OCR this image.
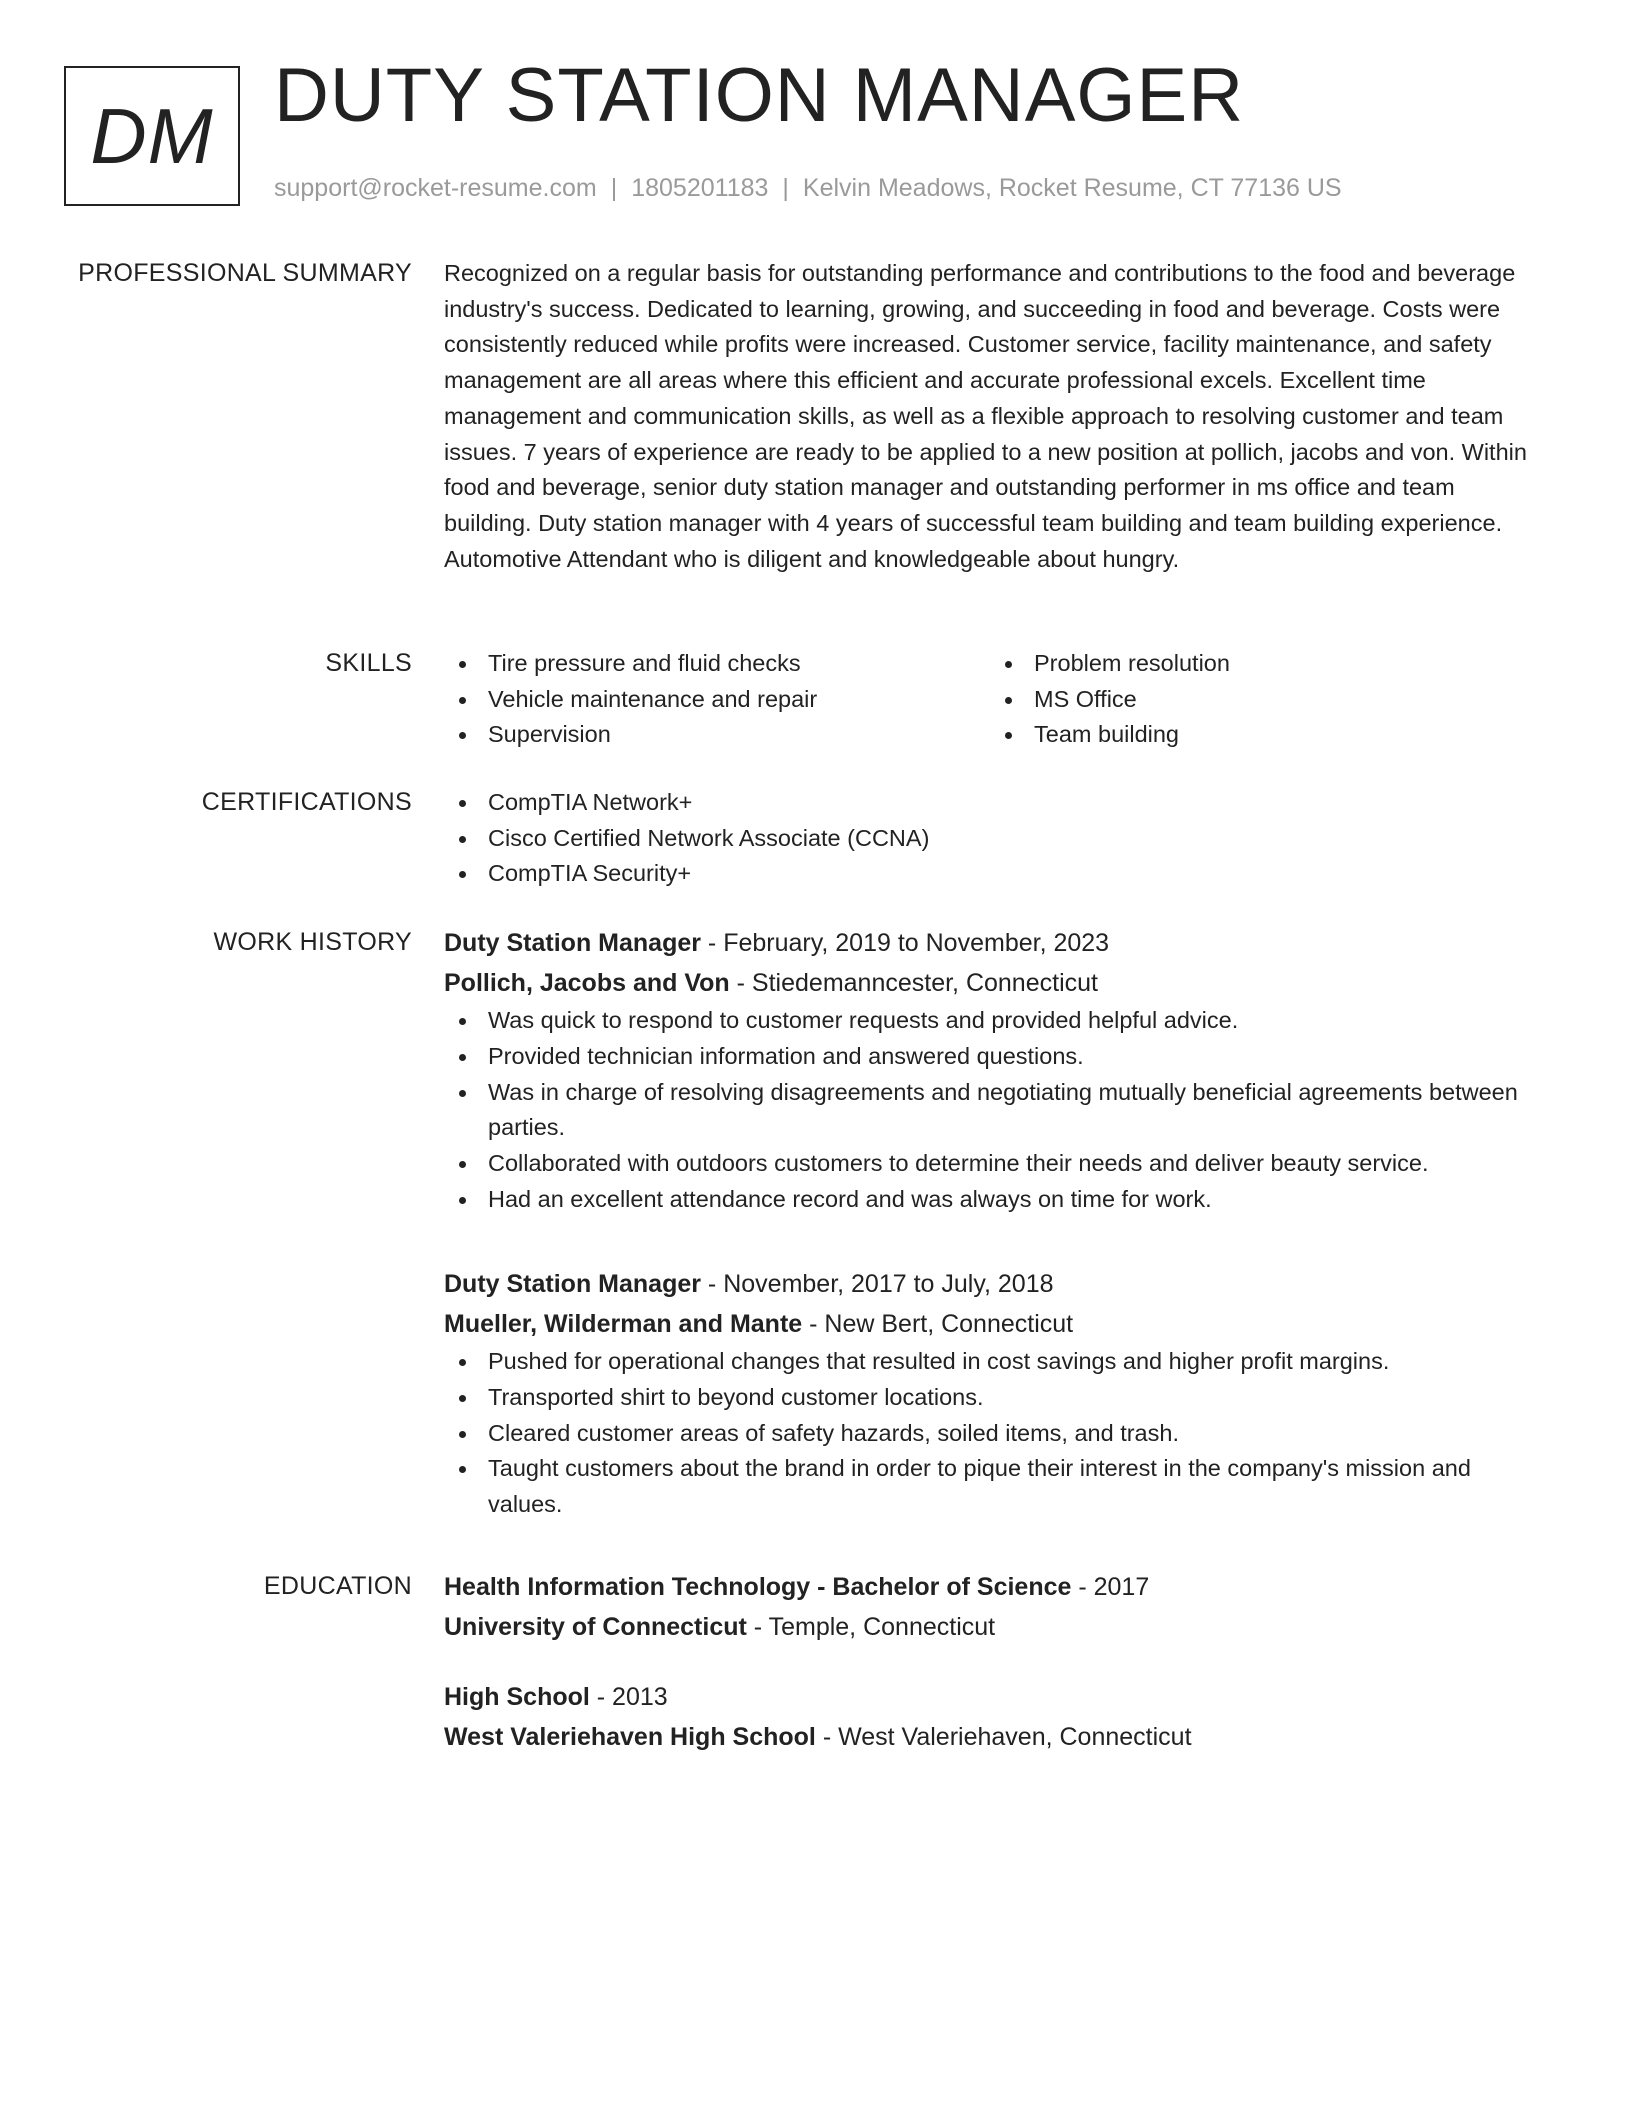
DM DUTY STATION MANAGER
support@rocket-resume.com | 1805201183 | Kelvin Meadows, Rocket Resume, CT 77136 US
PROFESSIONAL SUMMARY Recognized on a regular basis for outstanding performance and contributions to the food and beverage industry's success. Dedicated to learning, growing, and succeeding in food and beverage. Costs were consistently reduced while profits were increased. Customer service, facility maintenance, and safety management are all areas where this efficient and accurate professional excels. Excellent time management and communication skills, as well as a flexible approach to resolving customer and team issues. 7 years of experience are ready to be applied to a new position at pollich, jacobs and von. Within food and beverage, senior duty station manager and outstanding performer in ms office and team building. Duty station manager with 4 years of successful team building and team building experience. Automotive Attendant who is diligent and knowledgeable about hungry.

SKILLS	Tire pressure and fluid checks
Vehicle maintenance and repair
Supervision
Problem resolution
MS Office
Team building
CERTIFICATIONS	CompTIA Network+
Cisco Certified Network Associate (CCNA)
CompTIA Security+
WORK HISTORY Duty Station Manager - February, 2019 to November, 2023
Pollich, Jacobs and Von - Stiedemanncester, Connecticut
Was quick to respond to customer requests and provided helpful advice.
Provided technician information and answered questions.
Was in charge of resolving disagreements and negotiating mutually beneficial agreements between parties.
Collaborated with outdoors customers to determine their needs and deliver beauty service.
Had an excellent attendance record and was always on time for work.
Duty Station Manager - November, 2017 to July, 2018
Mueller, Wilderman and Mante - New Bert, Connecticut
Pushed for operational changes that resulted in cost savings and higher profit margins.
Transported shirt to beyond customer locations.
Cleared customer areas of safety hazards, soiled items, and trash.
Taught customers about the brand in order to pique their interest in the company's mission and values.
EDUCATION Health Information Technology - Bachelor of Science - 2017
University of Connecticut - Temple, Connecticut
High School - 2013
West Valeriehaven High School - West Valeriehaven, Connecticut
